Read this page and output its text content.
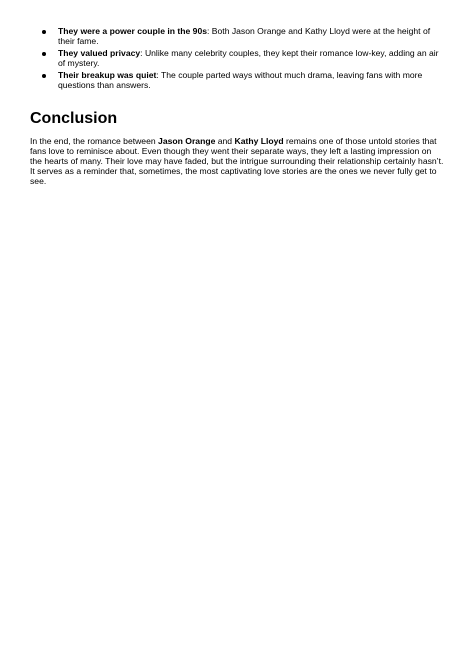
They were a power couple in the 90s: Both Jason Orange and Kathy Lloyd were at the height of their fame.
They valued privacy: Unlike many celebrity couples, they kept their romance low-key, adding an air of mystery.
Their breakup was quiet: The couple parted ways without much drama, leaving fans with more questions than answers.
Conclusion

In the end, the romance between Jason Orange and Kathy Lloyd remains one of those untold stories that fans love to reminisce about. Even though they went their separate ways, they left a lasting impression on the hearts of many. Their love may have faded, but the intrigue surrounding their relationship certainly hasn’t. It serves as a reminder that, sometimes, the most captivating love stories are the ones we never fully get to see.
